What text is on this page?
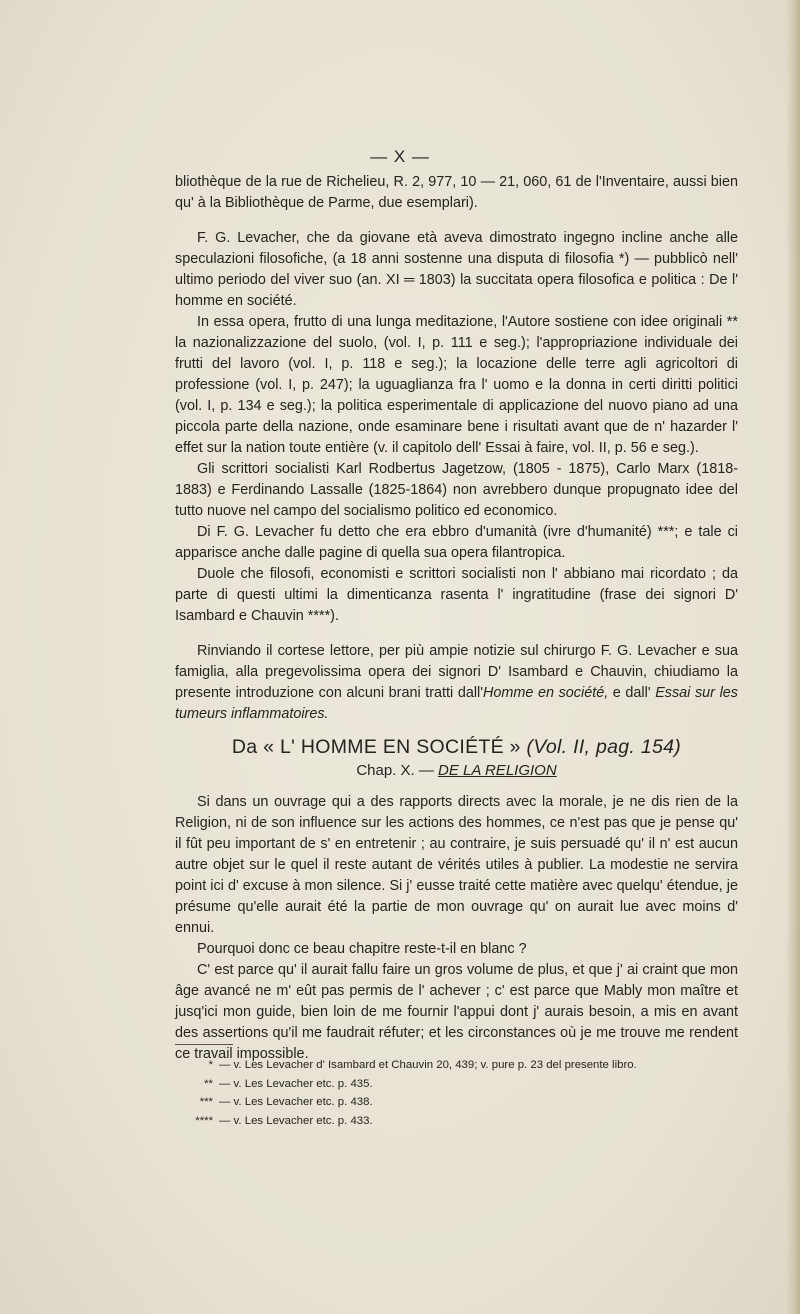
— X —

bliothèque de la rue de Richelieu, R. 2, 977, 10 — 21, 060, 61 de l'Inventaire, aussi bien qu' à la Bibliothèque de Parme, due esemplari).

F. G. Levacher, che da giovane età aveva dimostrato ingegno incline anche alle speculazioni filosofiche, (a 18 anni sostenne una disputa di filosofia *) — pubblicò nell' ultimo periodo del viver suo (an. XI ═ 1803) la succitata opera filosofica e politica : De l' homme en société.

In essa opera, frutto di una lunga meditazione, l'Autore sostiene con idee originali ** la nazionalizzazione del suolo, (vol. I, p. 111 e seg.); l'appropriazione individuale dei frutti del lavoro (vol. I, p. 118 e seg.); la locazione delle terre agli agricoltori di professione (vol. I, p. 247); la uguaglianza fra l' uomo e la donna in certi diritti politici (vol. I, p. 134 e seg.); la politica esperimentale di applicazione del nuovo piano ad una piccola parte della nazione, onde esaminare bene i risultati avant que de n' hazarder l' effet sur la nation toute entière (v. il capitolo dell' Essai à faire, vol. II, p. 56 e seg.).

Gli scrittori socialisti Karl Rodbertus Jagetzow, (1805 - 1875), Carlo Marx (1818-1883) e Ferdinando Lassalle (1825-1864) non avrebbero dunque propugnato idee del tutto nuove nel campo del socialismo politico ed economico.

Di F. G. Levacher fu detto che era ebbro d'umanità (ivre d'humanité) ***; e tale ci apparisce anche dalle pagine di quella sua opera filantropica.

Duole che filosofi, economisti e scrittori socialisti non l' abbiano mai ricordato ; da parte di questi ultimi la dimenticanza rasenta l' ingratitudine (frase dei signori D' Isambard e Chauvin ****).

Rinviando il cortese lettore, per più ampie notizie sul chirurgo F. G. Levacher e sua famiglia, alla pregevolissima opera dei signori D' Isambard e Chauvin, chiudiamo la presente introduzione con alcuni brani tratti dall'Homme en société, e dall' Essai sur les tumeurs inflammatoires.

Da « L' HOMME EN SOCIÉTÉ » (Vol. II, pag. 154)
Chap. X. — DE LA RELIGION

Si dans un ouvrage qui a des rapports directs avec la morale, je ne dis rien de la Religion, ni de son influence sur les actions des hommes, ce n'est pas que je pense qu' il fût peu important de s' en entretenir ; au contraire, je suis persuadé qu' il n' est aucun autre objet sur le quel il reste autant de vérités utiles à publier. La modestie ne servira point ici d' excuse à mon silence. Si j' eusse traité cette matière avec quelqu' étendue, je présume qu'elle aurait été la partie de mon ouvrage qu' on aurait lue avec moins d' ennui.

Pourquoi donc ce beau chapitre reste-t-il en blanc ?

C' est parce qu' il aurait fallu faire un gros volume de plus, et que j' ai craint que mon âge avancé ne m' eût pas permis de l' achever ; c' est parce que Mably mon maître et jusq'ici mon guide, bien loin de me fournir l'appui dont j' aurais besoin, a mis en avant des assertions qu'il me faudrait réfuter; et les circonstances où je me trouve me rendent ce travail impossible.

* — v. Les Levacher d' Isambard et Chauvin 20, 439; v. pure p. 23 del presente libro.
** — v. Les Levacher etc. p. 435.
*** — v. Les Levacher etc. p. 438.
**** — v. Les Levacher etc. p. 433.
